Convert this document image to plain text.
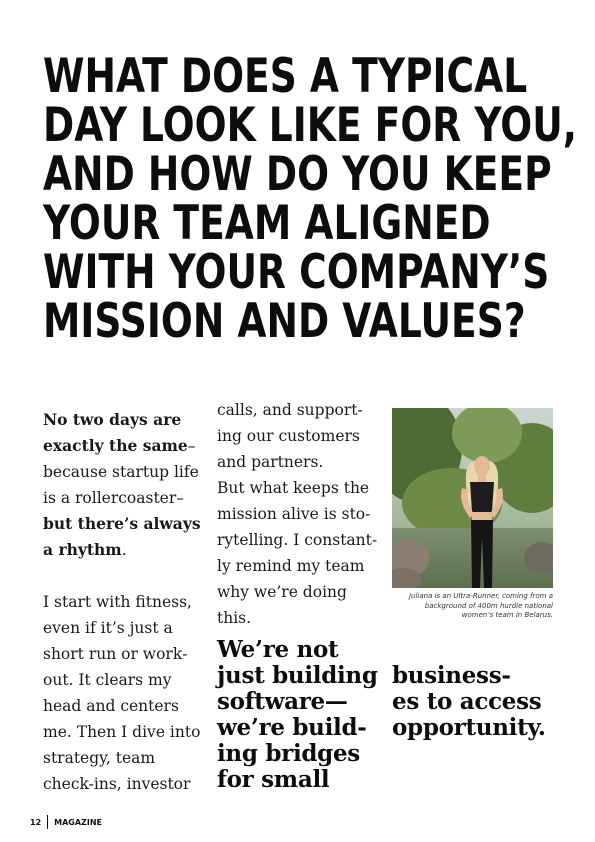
WHAT DOES A TYPICAL
DAY LOOK LIKE FOR YOU,
AND HOW DO YOU KEEP
YOUR TEAM ALIGNED
WITH YOUR COMPANY’S
MISSION AND VALUES?

No two days are exactly the same– because startup life is a rollercoaster– but there’s always a rhythm.

I start with fitness, even if it’s just a short run or workout. It clears my head and centers me. Then I dive into strategy, team check-ins, investor

calls, and supporting our customers and partners.

But what keeps the mission alive is storytelling. I constantly remind my team why we’re doing this.

Juliana is an Ultra-Runner, coming from a background of 400m hurdle national women’s team in Belarus.
We’re not
just building
software—
we’re build-
ing bridges
for small
business-
es to access
opportunity.
12 MAGAZINE
